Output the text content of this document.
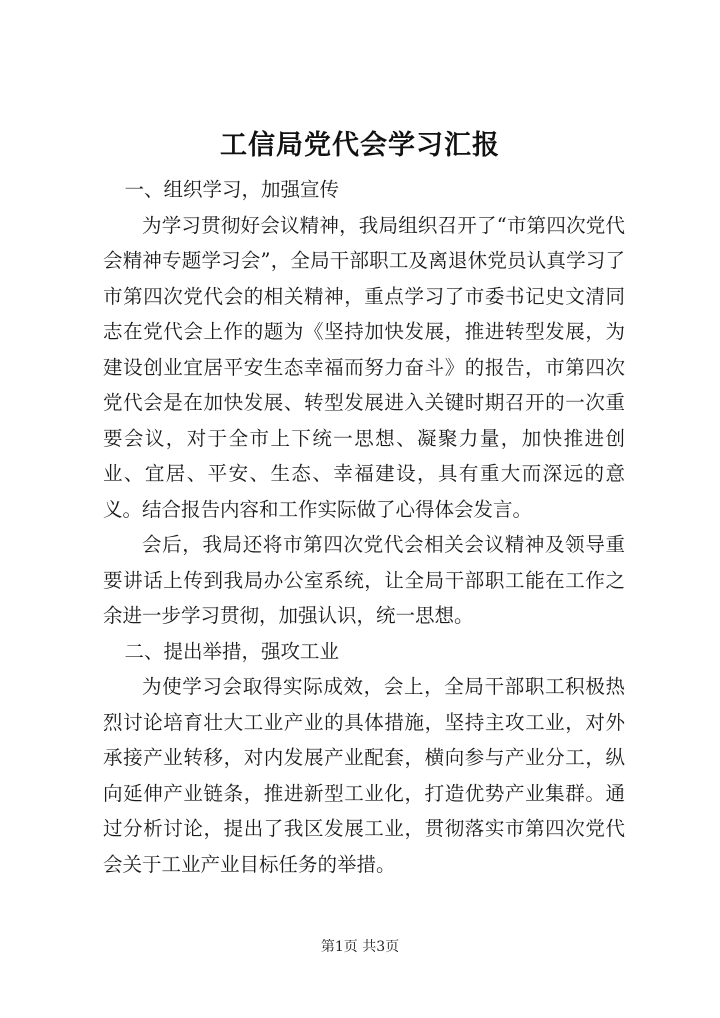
工信局党代会学习汇报

一、组织学习，加强宣传

为学习贯彻好会议精神，我局组织召开了“市第四次党代会精神专题学习会”，全局干部职工及离退休党员认真学习了市第四次党代会的相关精神，重点学习了市委书记史文清同志在党代会上作的题为《坚持加快发展，推进转型发展，为建设创业宜居平安生态幸福而努力奋斗》的报告，市第四次党代会是在加快发展、转型发展进入关键时期召开的一次重要会议，对于全市上下统一思想、凝聚力量，加快推进创业、宜居、平安、生态、幸福建设，具有重大而深远的意义。结合报告内容和工作实际做了心得体会发言。

会后，我局还将市第四次党代会相关会议精神及领导重要讲话上传到我局办公室系统，让全局干部职工能在工作之余进一步学习贯彻，加强认识，统一思想。

二、提出举措，强攻工业

为使学习会取得实际成效，会上，全局干部职工积极热烈讨论培育壮大工业产业的具体措施，坚持主攻工业，对外承接产业转移，对内发展产业配套，横向参与产业分工，纵向延伸产业链条，推进新型工业化，打造优势产业集群。通过分析讨论，提出了我区发展工业，贯彻落实市第四次党代会关于工业产业目标任务的举措。

第1页 共3页
